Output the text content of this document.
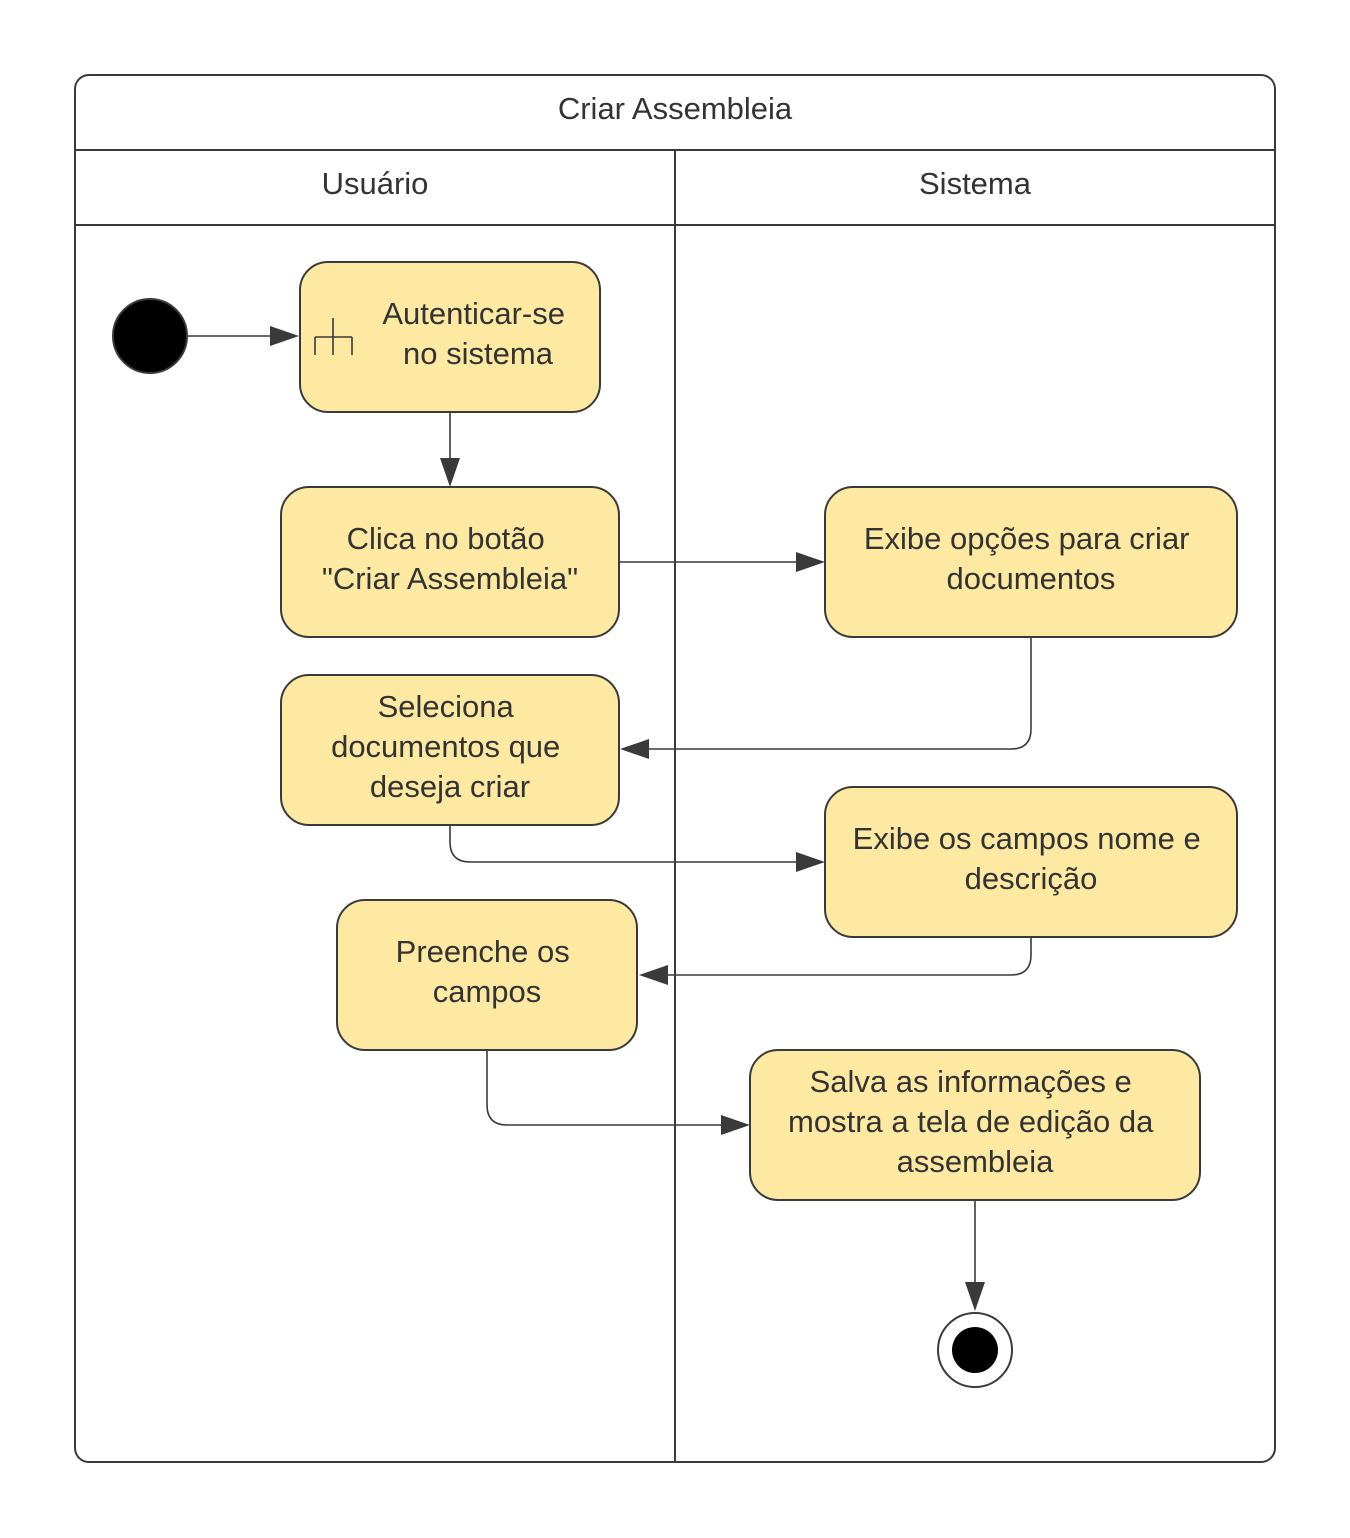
Criar Assembleia
Usuário	Sistema
Autenticar-se no sistema
Clica no botão "Criar Assembleia"
Exibe opções para criar documentos
Seleciona documentos que deseja criar
Exibe os campos nome e descrição
Preenche os campos
Salva as informações e mostra a tela de edição da assembleia
